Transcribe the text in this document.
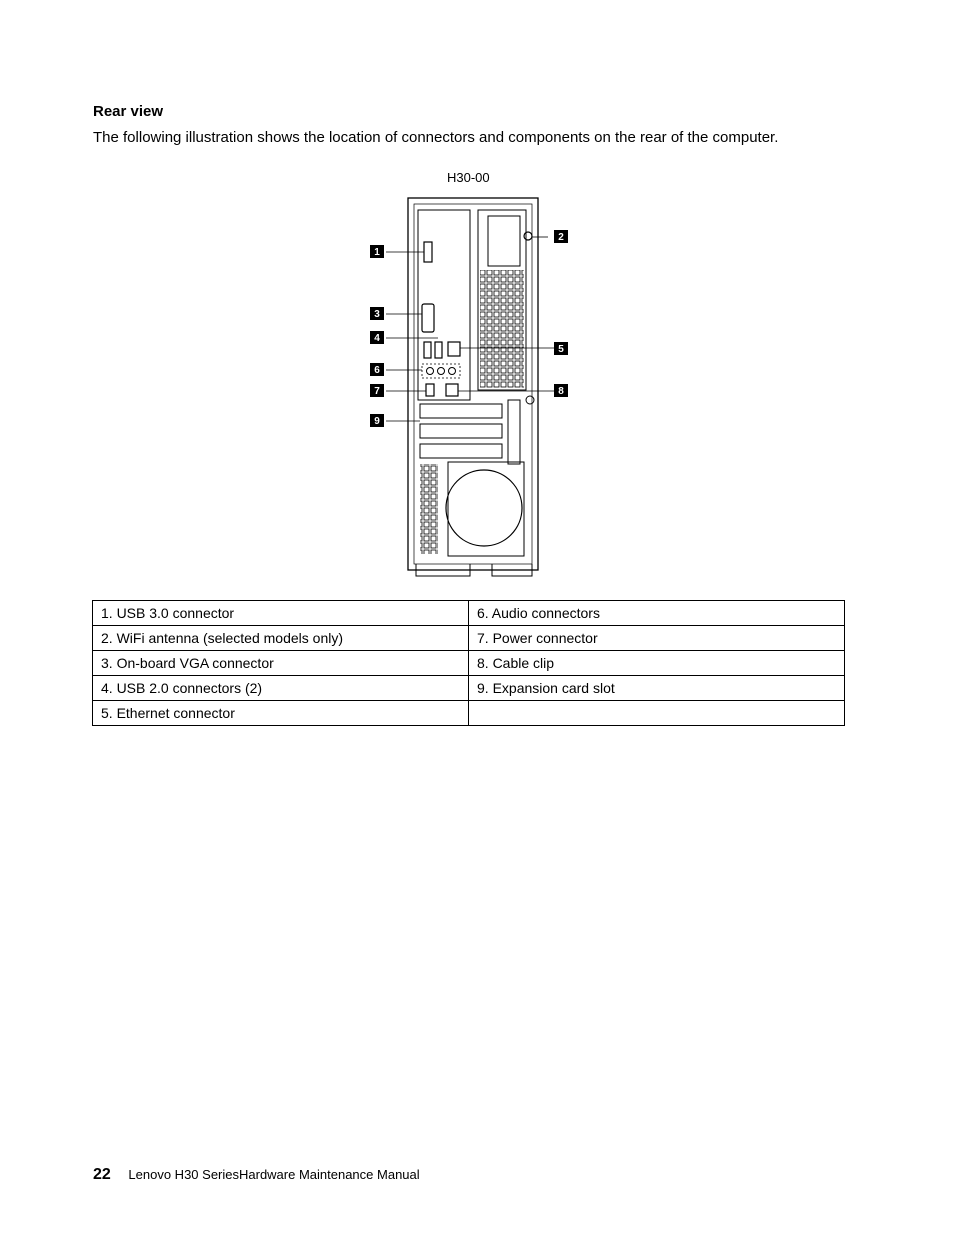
Rear view
The following illustration shows the location of connectors and components on the rear of the computer.
H30-00
1
2
3
4
5
6
7	8
9
1. USB 3.0 connector	6. Audio connectors
2. WiFi antenna (selected models only)	7. Power connector
3. On-board VGA connector	8. Cable clip
4. USB 2.0 connectors (2)	9. Expansion card slot
5. Ethernet connector	
22 Lenovo H30 SeriesHardware Maintenance Manual
